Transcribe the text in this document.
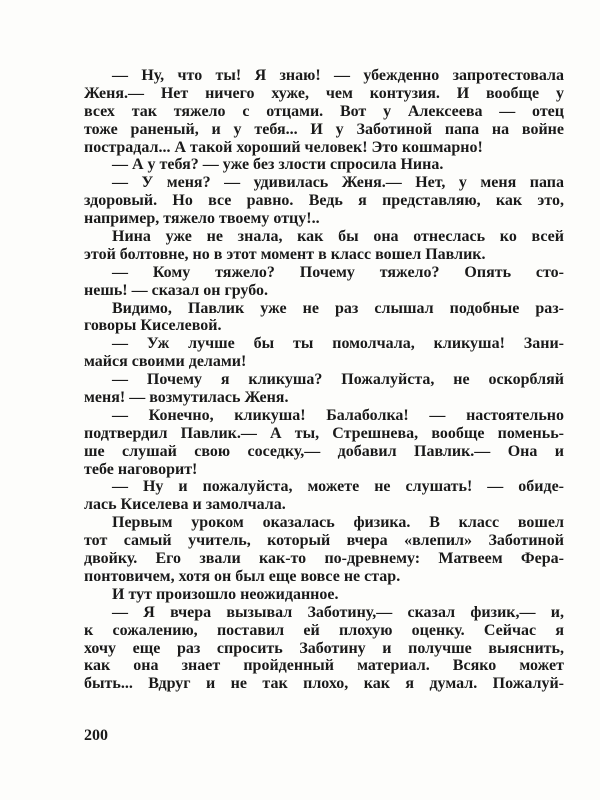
— Ну, что ты! Я знаю! — убежденно запротестовала
Женя.— Нет ничего хуже, чем контузия. И вообще у
всех так тяжело с отцами. Вот у Алексеева — отец
тоже раненый, и у тебя... И у Заботиной папа на войне
пострадал... А такой хороший человек! Это кошмарно!
— А у тебя? — уже без злости спросила Нина.
— У меня? — удивилась Женя.— Нет, у меня папа
здоровый. Но все равно. Ведь я представляю, как это,
например, тяжело твоему отцу!..
Нина уже не знала, как бы она отнеслась ко всей
этой болтовне, но в этот момент в класс вошел Павлик.
— Кому тяжело? Почему тяжело? Опять сто-
нешь! — сказал он грубо.
Видимо, Павлик уже не раз слышал подобные раз-
говоры Киселевой.
— Уж лучше бы ты помолчала, кликуша! Зани-
майся своими делами!
— Почему я кликуша? Пожалуйста, не оскорбляй
меня! — возмутилась Женя.
— Конечно, кликуша! Балаболка! — настоятельно
подтвердил Павлик.— А ты, Стрешнева, вообще поменьь-
ше слушай свою соседку,— добавил Павлик.— Она и
тебе наговорит!
— Ну и пожалуйста, можете не слушать! — обиде-
лась Киселева и замолчала.
Первым уроком оказалась физика. В класс вошел
тот самый учитель, который вчера «влепил» Заботиной
двойку. Его звали как-то по-древнему: Матвеем Фера-
понтовичем, хотя он был еще вовсе не стар.
И тут произошло неожиданное.
— Я вчера вызывал Заботину,— сказал физик,— и,
к сожалению, поставил ей плохую оценку. Сейчас я
хочу еще раз спросить Заботину и получше выяснить,
как она знает пройденный материал. Всяко может
быть... Вдруг и не так плохо, как я думал. Пожалуй-
200
